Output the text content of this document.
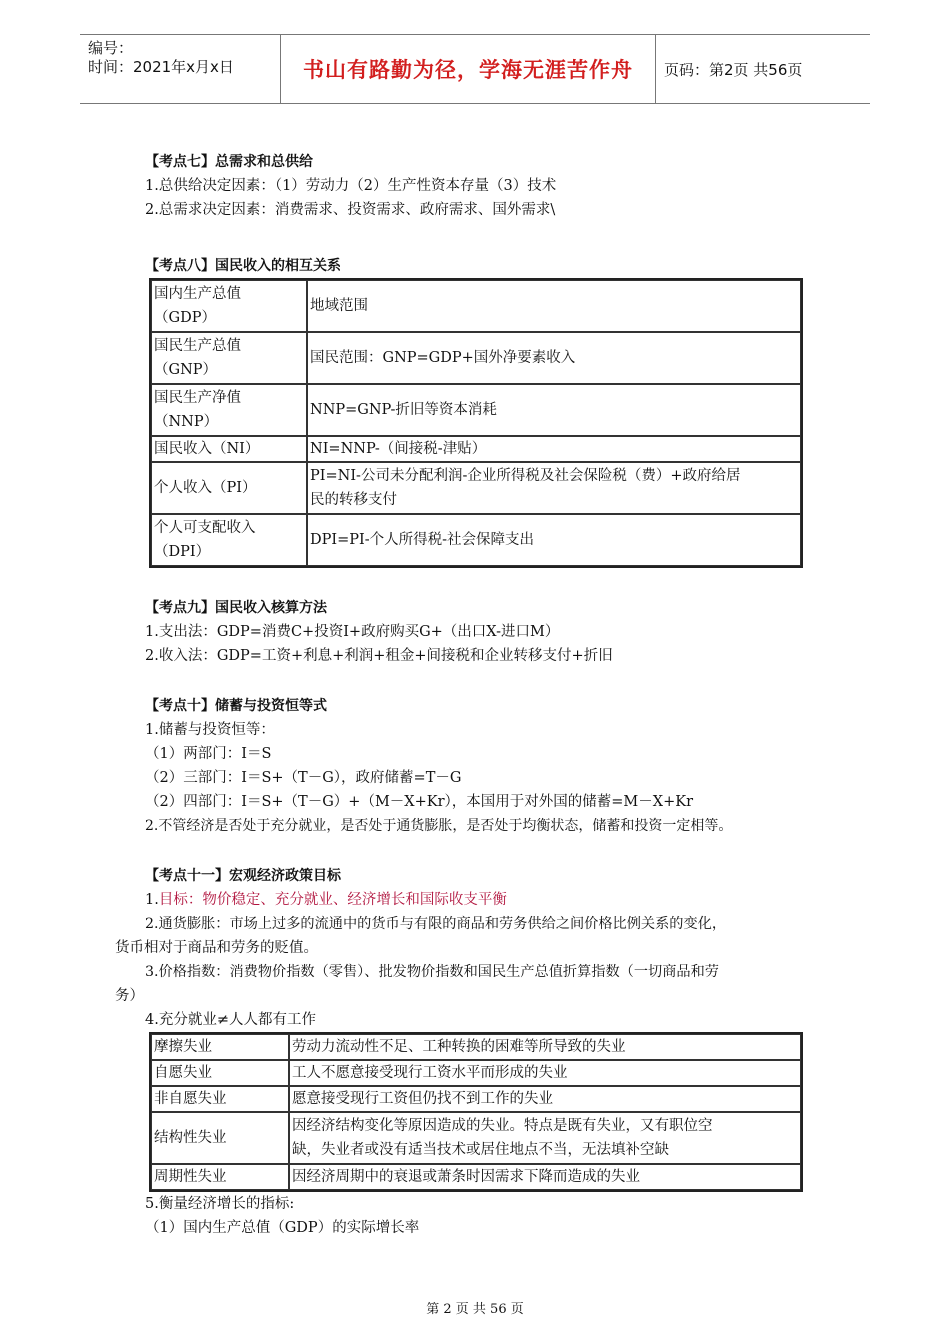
编号：
时间：2021年x月x日	书山有路勤为径，学海无涯苦作舟	页码：第2页 共56页
【考点七】总需求和总供给
1.总供给决定因素：（1）劳动力（2）生产性资本存量（3）技术
2.总需求决定因素：消费需求、投资需求、政府需求、国外需求\
【考点八】国民收入的相互关系
国内生产总值
（GDP）	地域范围

国民生产总值
（GNP）	国民范围：GNP=GDP+国外净要素收入

国民生产净值
（NNP）	NNP=GNP-折旧等资本消耗
国民收入（NI）	NI=NNP-（间接税-津贴）
个人收入（PI）	PI=NI-公司未分配利润-企业所得税及社会保险税（费）+政府给居
民的转移支付

个人可支配收入
（DPI）	DPI=PI-个人所得税-社会保障支出
【考点九】国民收入核算方法
1.支出法：GDP=消费C+投资I+政府购买G+（出口X-进口M）
2.收入法：GDP=工资+利息+利润+租金+间接税和企业转移支付+折旧
【考点十】储蓄与投资恒等式
1.储蓄与投资恒等：
（1）两部门：I＝S
（2）三部门：I＝S+（T－G），政府储蓄=T－G
（2）四部门：I＝S+（T－G）+（M－X+Kr），本国用于对外国的储蓄=M－X+Kr
2.不管经济是否处于充分就业，是否处于通货膨胀，是否处于均衡状态，储蓄和投资一定相等。
【考点十一】宏观经济政策目标
1.目标：物价稳定、充分就业、经济增长和国际收支平衡
2.通货膨胀：市场上过多的流通中的货币与有限的商品和劳务供给之间价格比例关系的变化，
货币相对于商品和劳务的贬值。
3.价格指数：消费物价指数（零售）、批发物价指数和国民生产总值折算指数（一切商品和劳
务）
4.充分就业≠人人都有工作
摩擦失业	劳动力流动性不足、工种转换的困难等所导致的失业
自愿失业	工人不愿意接受现行工资水平而形成的失业
非自愿失业	愿意接受现行工资但仍找不到工作的失业
结构性失业	因经济结构变化等原因造成的失业。特点是既有失业，又有职位空
缺，失业者或没有适当技术或居住地点不当，无法填补空缺

周期性失业	因经济周期中的衰退或萧条时因需求下降而造成的失业
5.衡量经济增长的指标:
（1）国内生产总值（GDP）的实际增长率
第 2 页 共 56 页
